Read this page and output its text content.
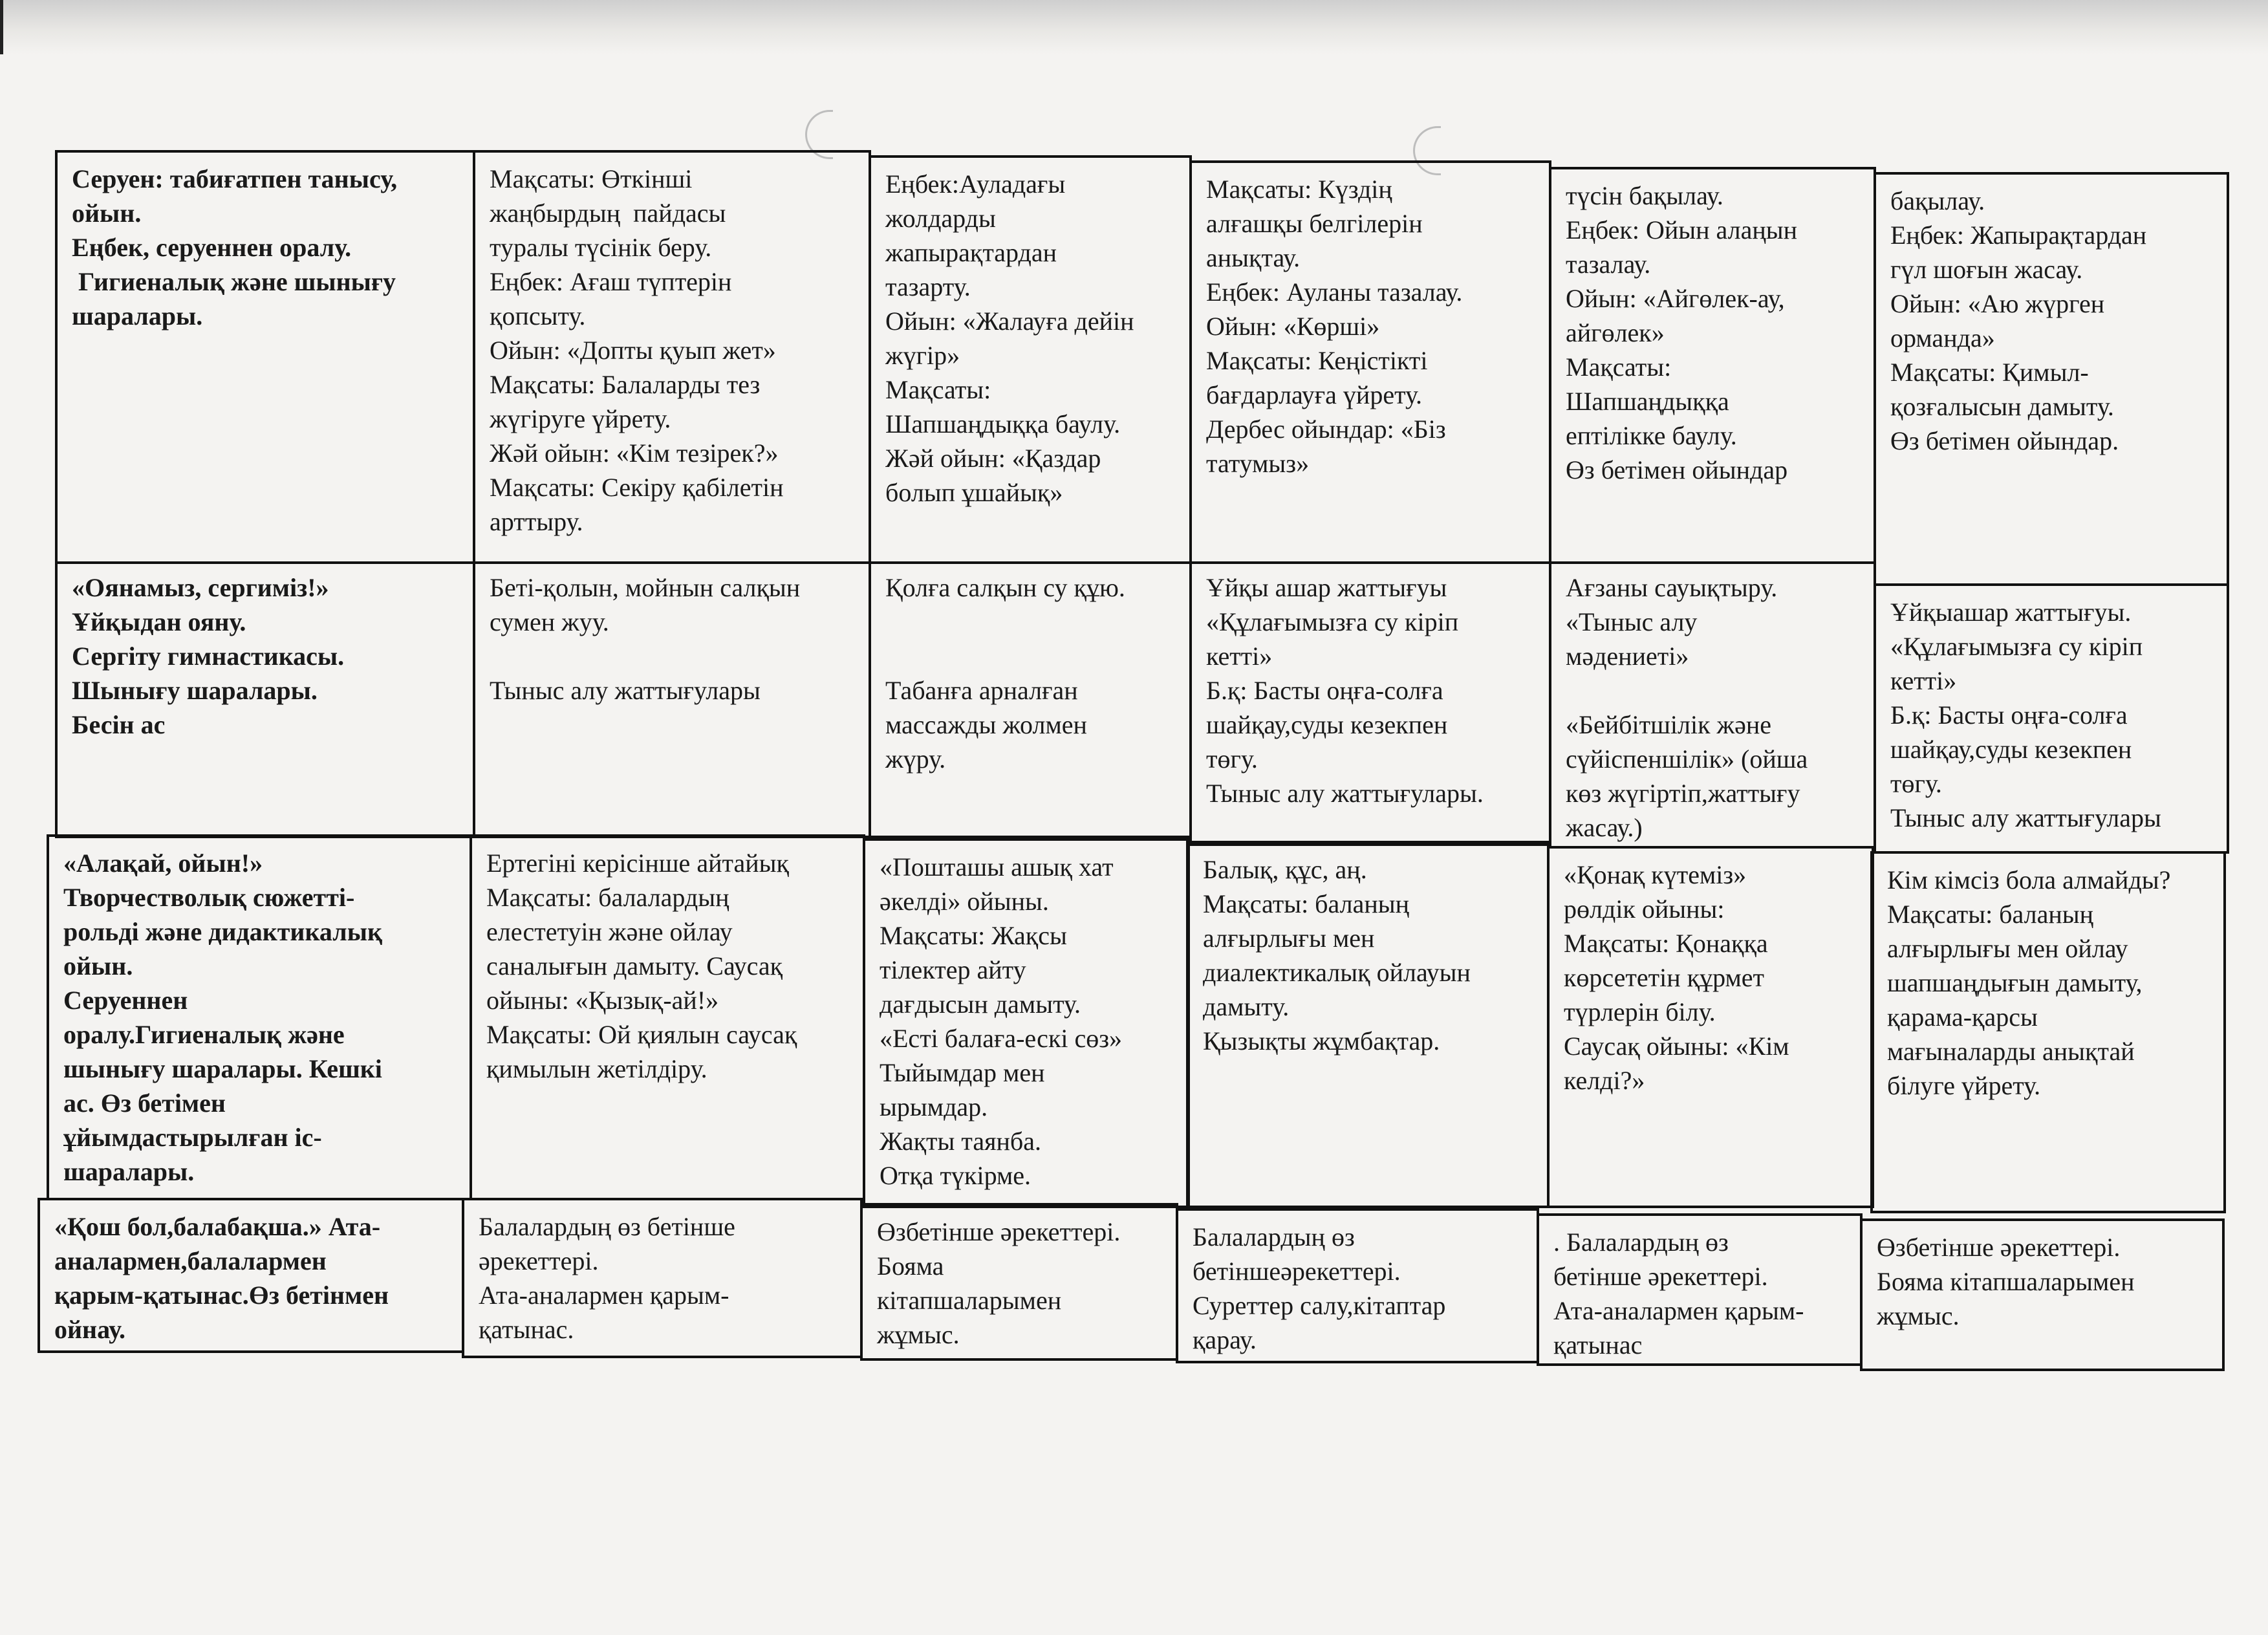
Серуен: табиғатпен танысу,
ойын.
Еңбек, серуеннен оралу.
Гигиеналық және шынығу
шаралары.
Мақсаты: Өткінші
жаңбырдың  пайдасы
туралы түсінік беру.
Еңбек: Ағаш түптерін
қопсыту.
Ойын: «Допты қуып жет»
Мақсаты: Балаларды тез
жүгіруге үйрету.
Жәй ойын: «Кім тезірек?»
Мақсаты: Секіру қабілетін
арттыру.
Еңбек:Ауладағы
жолдарды
жапырақтардан
тазарту.
Ойын: «Жалауға дейін
жүгір»
Мақсаты:
Шапшаңдыққа баулу.
Жәй ойын: «Қаздар
болып ұшайық»
Мақсаты: Күздің
алғашқы белгілерін
анықтау.
Еңбек: Ауланы тазалау.
Ойын: «Көрші»
Мақсаты: Кеңістікті
бағдарлауға үйрету.
Дербес ойындар: «Біз
татумыз»
түсін бақылау.
Еңбек: Ойын алаңын
тазалау.
Ойын: «Айгөлек-ау,
айгөлек»
Мақсаты:
Шапшаңдыққа
ептілікке баулу.
Өз бетімен ойындар
бақылау.
Еңбек: Жапырақтардан
гүл шоғын жасау.
Ойын: «Аю жүрген
орманда»
Мақсаты: Қимыл-
қозғалысын дамыту.
Өз бетімен ойындар.
«Оянамыз, сергиміз!»
Ұйқыдан ояну.
Сергіту гимнастикасы.
Шынығу шаралары.
Бесін ас
Беті-қолын, мойнын салқын
сумен жуу.

Тыныс алу жаттығулары
Қолға салқын су құю.

Табанға арналған
массажды жолмен
жүру.
Ұйқы ашар жаттығуы
«Құлағымызға су кіріп
кетті»
Б.қ: Басты оңға-солға
шайқау,суды кезекпен
төгу.
Тыныс алу жаттығулары.
Ағзаны сауықтыру.
«Тыныс алу
мәдениеті»

«Бейбітшілік және
сүйіспеншілік» (ойша
көз жүгіртіп,жаттығу
жасау.)
Ұйқыашар жаттығуы.
«Құлағымызға су кіріп
кетті»
Б.қ: Басты оңға-солға
шайқау,суды кезекпен
төгу.
Тыныс алу жаттығулары
«Алақай, ойын!»
Творчестволық сюжетті-
рольді және дидактикалық
ойын.
Серуеннен
оралу.Гигиеналық және
шынығу шаралары. Кешкі
ас. Өз бетімен
ұйымдастырылған іс-
шаралары.
Ертегіні керісінше айтайық
Мақсаты: балалардың
елестетуін және ойлау
саналығын дамыту. Саусақ
ойыны: «Қызық-ай!»
Мақсаты: Ой қиялын саусақ
қимылын жетілдіру.
«Пошташы ашық хат
әкелді» ойыны.
Мақсаты: Жақсы
тілектер айту
дағдысын дамыту.
«Есті балаға-ескі сөз»
Тыйымдар мен
ырымдар.
Жақты таянба.
Отқа түкірме.
Балық, құс, аң.
Мақсаты: баланың
алғырлығы мен
диалектикалық ойлауын
дамыту.
Қызықты жұмбақтар.
«Қонақ күтеміз»
рөлдік ойыны:
Мақсаты: Қонаққа
көрсететін құрмет
түрлерін білу.
Саусақ ойыны: «Кім
келді?»
Кім кімсіз бола алмайды?
Мақсаты: баланың
алғырлығы мен ойлау
шапшаңдығын дамыту,
қарама-қарсы
мағыналарды анықтай
білуге үйрету.
«Қош бол,балабақша.» Ата-
аналармен,балалармен
қарым-қатынас.Өз бетінмен
ойнау.
Балалардың өз бетінше
әрекеттері.
Ата-аналармен қарым-
қатынас.
Өзбетінше әрекеттері.
Бояма
кітапшаларымен
жұмыс.
Балалардың өз
бетіншеәрекеттері.
Суреттер салу,кітаптар
қарау.
. Балалардың өз
бетінше әрекеттері.
Ата-аналармен қарым-
қатынас
Өзбетінше әрекеттері.
Бояма кітапшаларымен
жұмыс.
